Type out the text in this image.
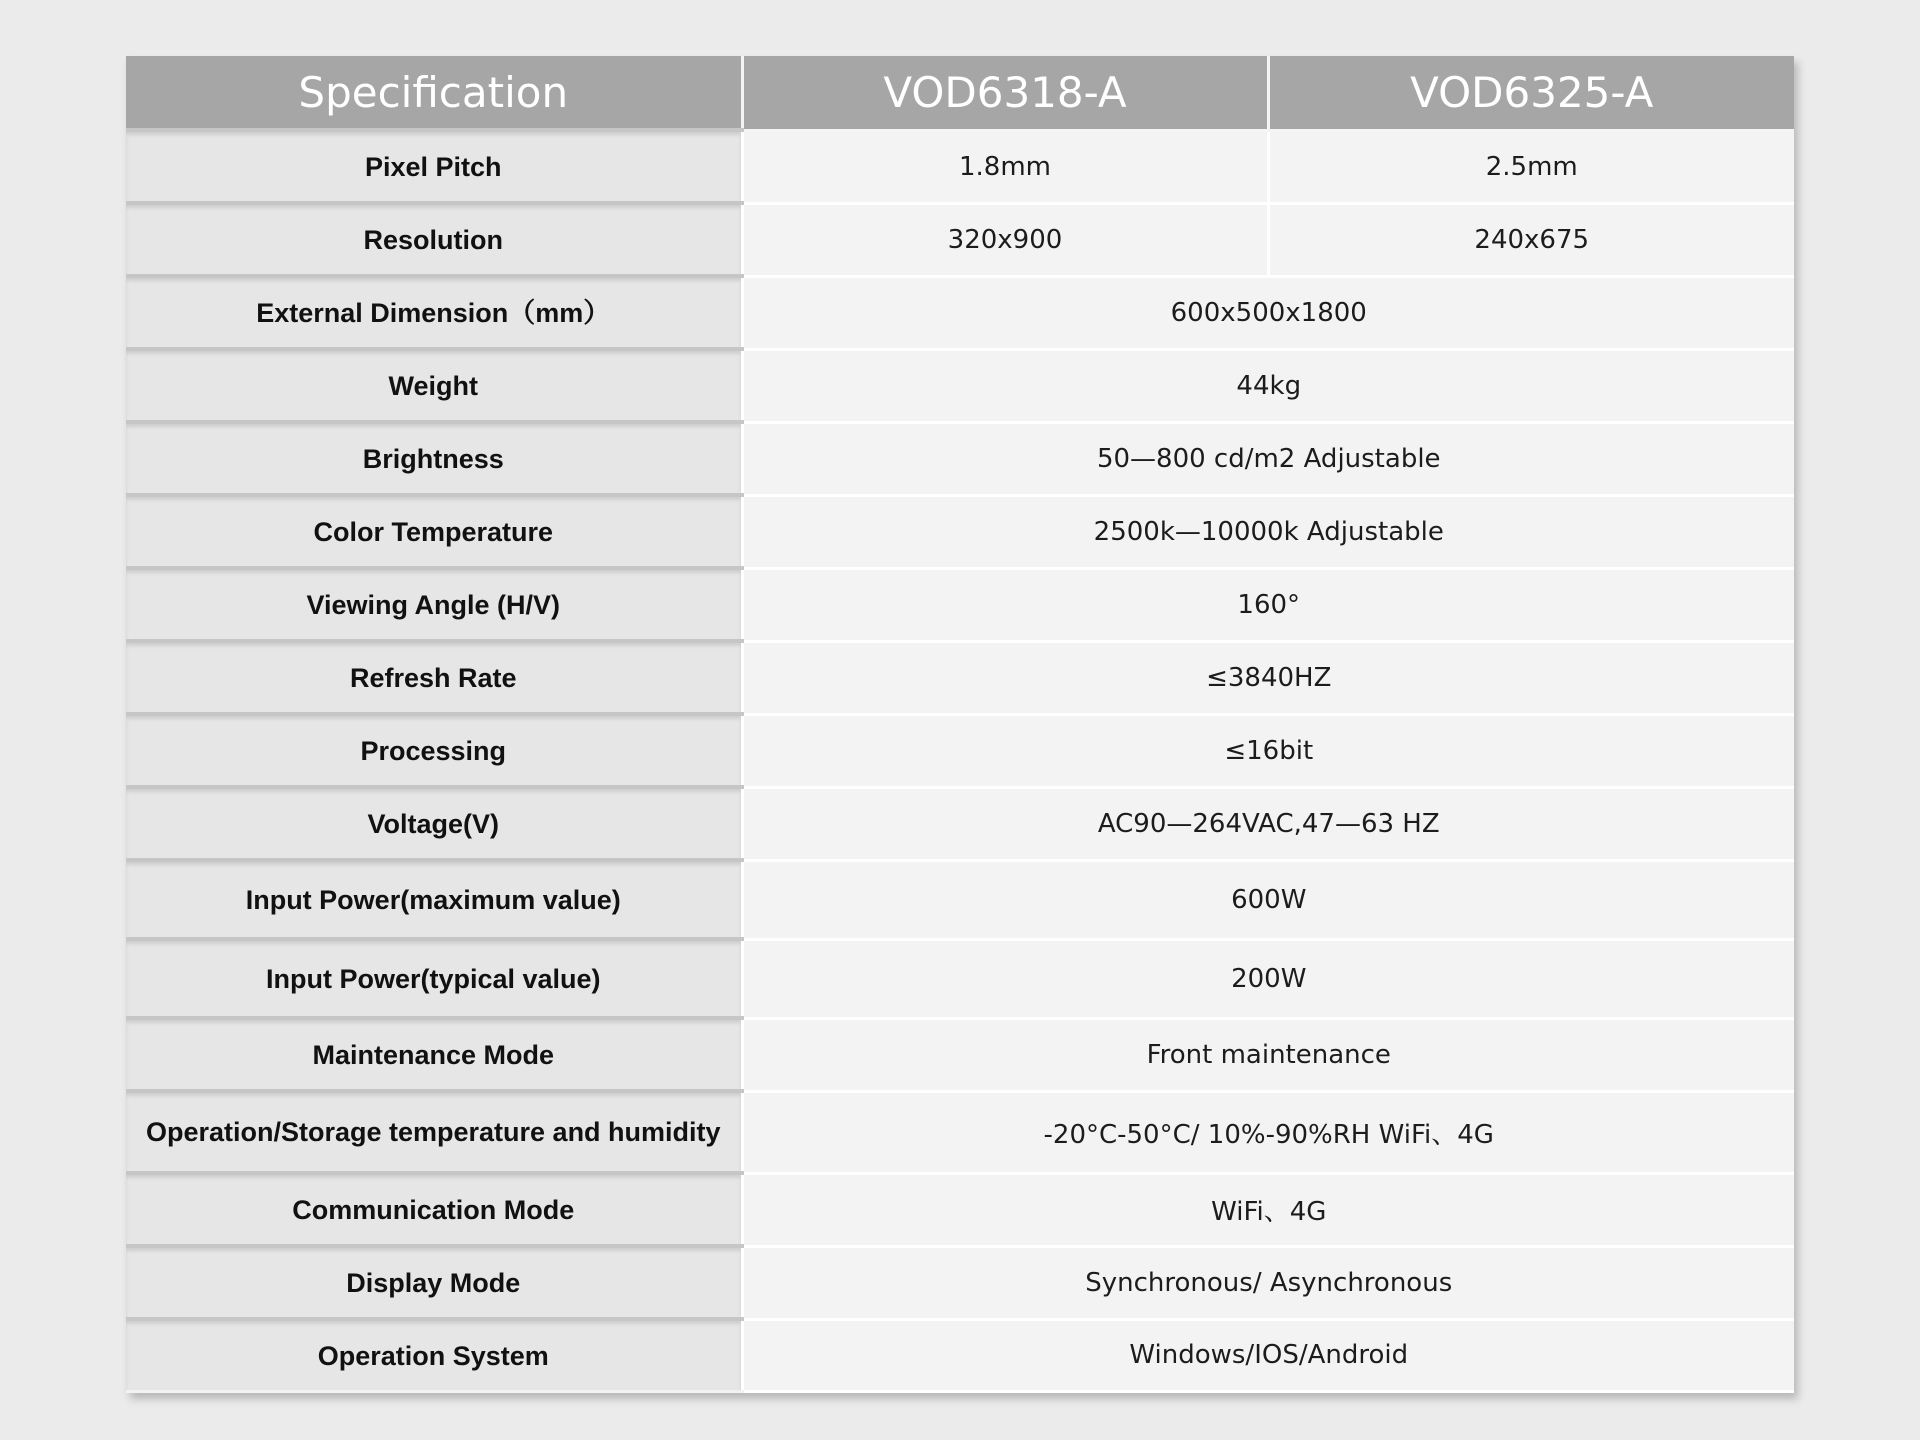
Specification	VOD6318-A	VOD6325-A
Pixel Pitch	1.8mm	2.5mm
Resolution	320x900	240x675
External Dimension（mm）	600x500x1800	
Weight	44kg	
Brightness	50—800 cd/m2 Adjustable	
Color Temperature	2500k—10000k Adjustable	
Viewing Angle (H/V)	160°	
Refresh Rate	≤3840HZ	
Processing	≤16bit	
Voltage(V)	AC90—264VAC,47—63 HZ	
Input Power(maximum value)	600W	
Input Power(typical value)	200W	
Maintenance Mode	Front maintenance	
Operation/Storage temperature and humidity	-20°C-50°C/ 10%-90%RH WiFi、4G	
Communication Mode	WiFi、4G	
Display Mode	Synchronous/ Asynchronous	
Operation System	Windows/IOS/Android	
